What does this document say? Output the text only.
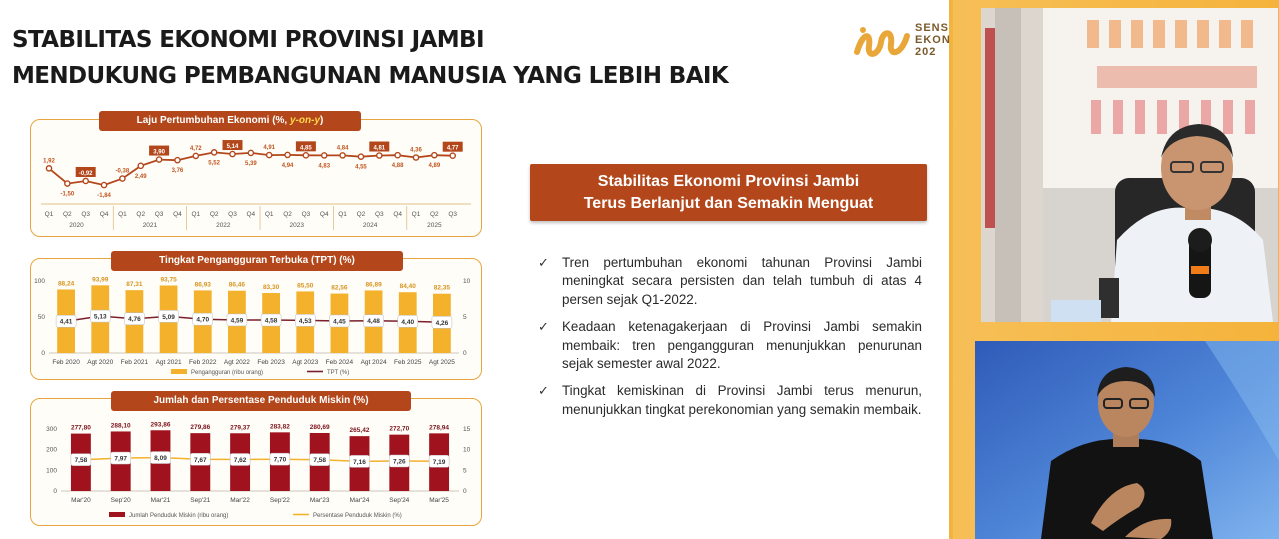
STABILITAS EKONOMI PROVINSI JAMBI
MENDUKUNG PEMBANGUNAN MANUSIA YANG LEBIH BAIK
SENS
EKON
202
1,92
-1,50
-0,92
-1,84
-0,38
2,49
3,90
3,76
4,72
5,52
5,14
5,39
4,91
4,94
4,85
4,83
4,84
4,55
4,81
4,88
4,36
4,89
4,77
Q1 Q2 Q3 Q4 Q1 Q2 Q3 Q4 Q1 Q2 Q3 Q4 Q1 Q2 Q3 Q4 Q1 Q2 Q3 Q4 Q1 Q2 Q3
2020	2021	2022	2023	2024	2025
Laju Pertumbuhan Ekonomi (%, y-on-y)
0
50
100
0
5
10
88,24
Feb 2020
93,99
Agt 2020
87,31
Feb 2021
93,75
Agt 2021
86,93
Feb 2022
86,46
Agt 2022
83,30
Feb 2023
85,50
Agt 2023
82,56
Feb 2024
86,89
Agt 2024
84,40
Feb 2025
82,35
Agt 2025
4,41
5,13	4,76	5,09	4,70	4,59	4,58	4,53	4,45	4,48	4,40	4,26
Pengangguran (ribu orang)	TPT (%)
Tingkat Pengangguran Terbuka (TPT) (%)
0
100
200
300
0
5
10
15
277,80
Mar'20
288,10
Sep'20
293,86
Mar'21
279,86
Sep'21
279,37
Mar'22
283,82
Sep'22
280,69
Mar'23
265,42
Mar'24
272,70
Sep'24
278,94
Mar'25
7,58	7,97	8,09	7,67	7,62	7,70	7,58	7,16	7,26	7,19
Jumlah Penduduk Miskin (ribu orang)	Persentase Penduduk Miskin (%)
Jumlah dan Persentase Penduduk Miskin (%)
Stabilitas Ekonomi Provinsi Jambi
Terus Berlanjut dan Semakin Menguat
✓ Tren pertumbuhan ekonomi tahunan Provinsi Jambi meningkat secara persisten dan telah tumbuh di atas 4 persen sejak Q1-2022.
✓ Keadaan ketenagakerjaan di Provinsi Jambi semakin membaik: tren pengangguran menunjukkan penurunan sejak semester awal 2022.
✓ Tingkat kemiskinan di Provinsi Jambi terus menurun, menunjukkan tingkat perekonomian yang semakin membaik.
